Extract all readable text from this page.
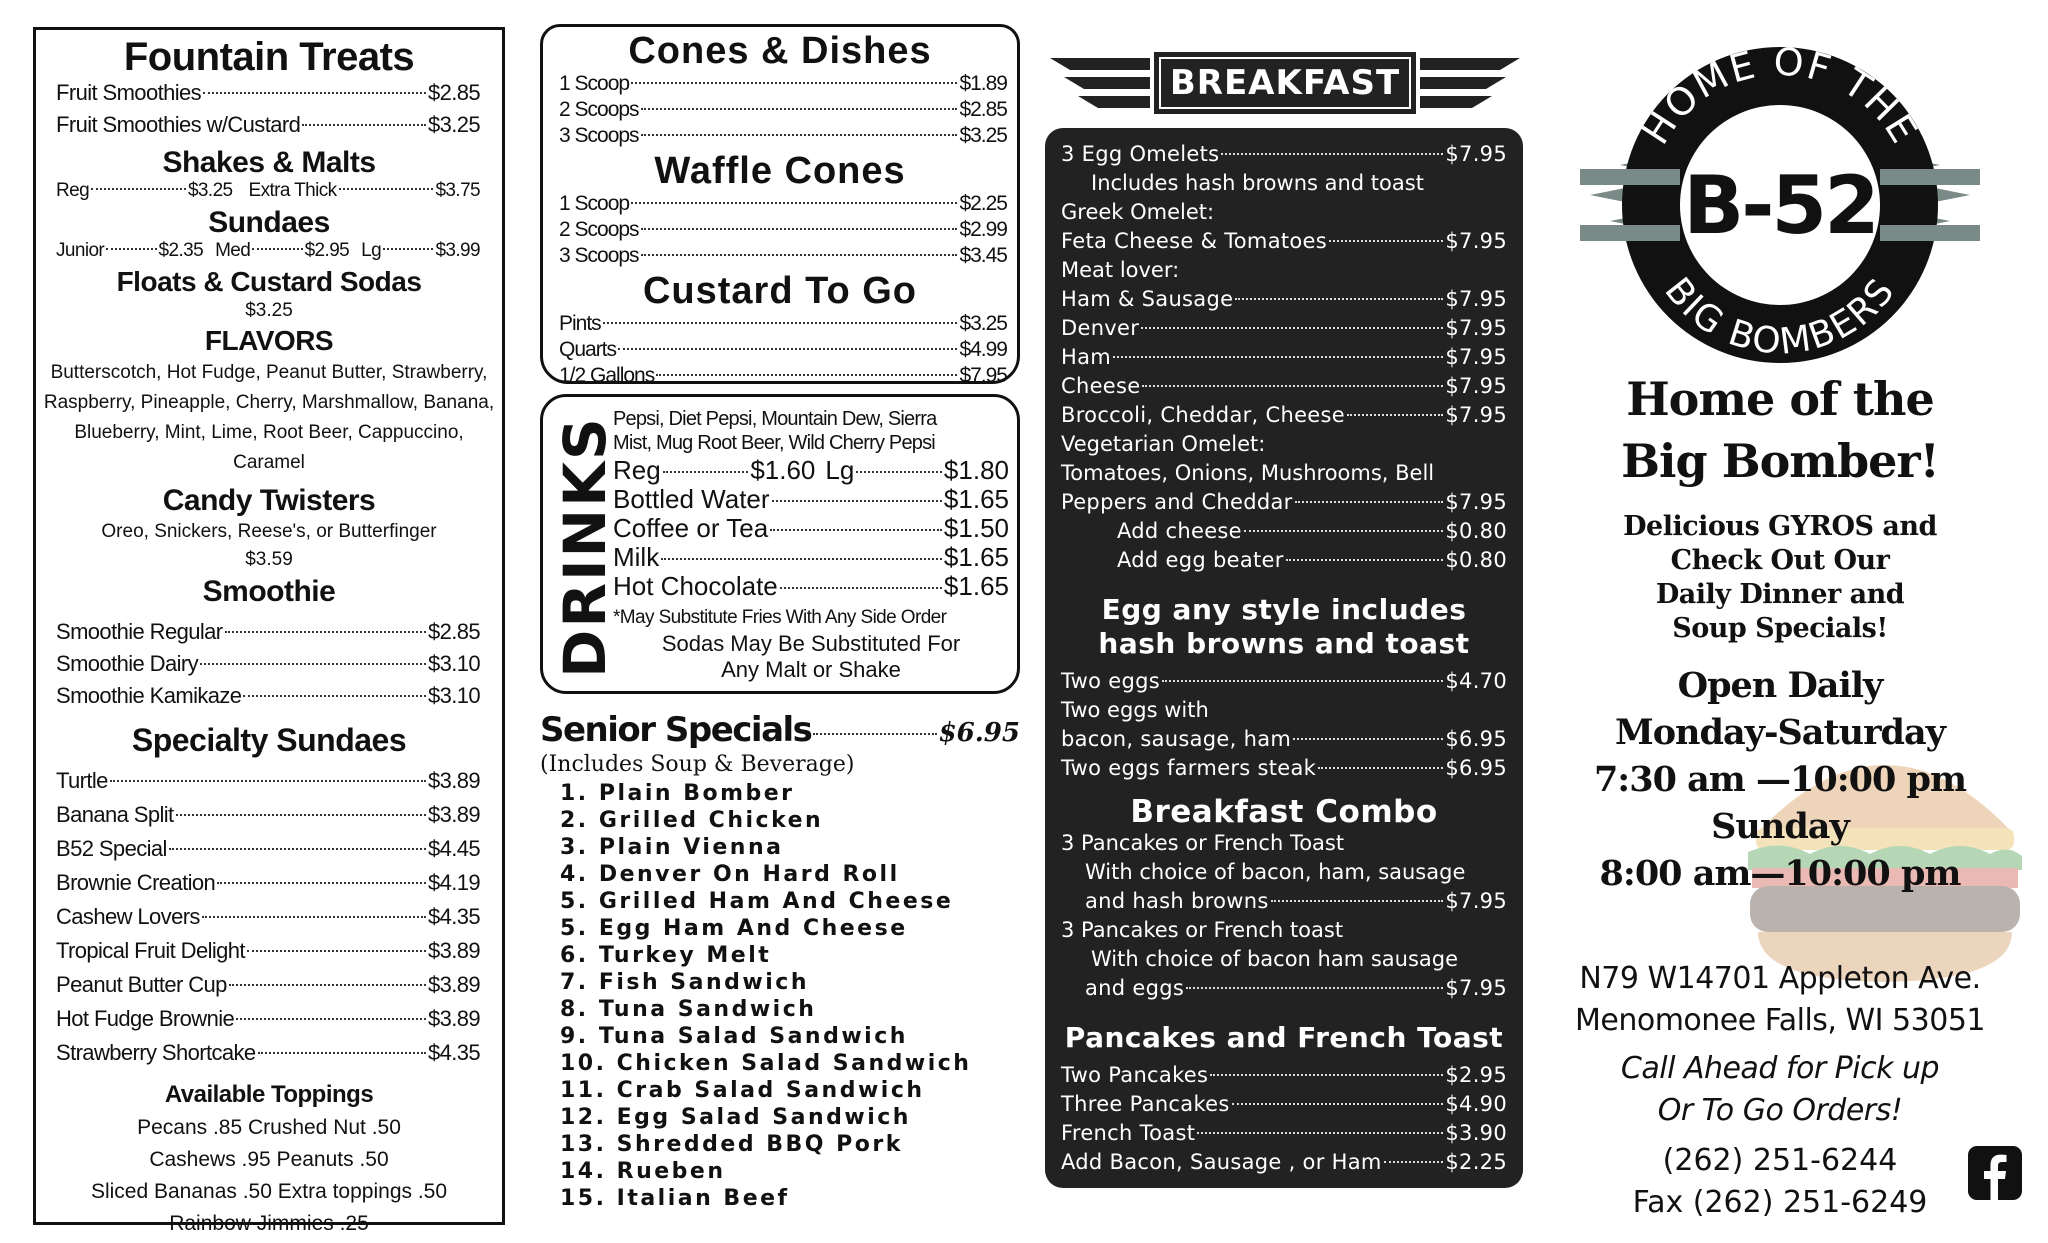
Fountain Treats
Fruit Smoothies	$2.85
Fruit Smoothies w/Custard	$3.25
Shakes & Malts
Reg	$3.25 Extra Thick	$3.75
Sundaes
Junior	$2.35 Med	$2.95 Lg	$3.99
Floats & Custard Sodas
$3.25
FLAVORS
Butterscotch, Hot Fudge, Peanut Butter, Strawberry,
Raspberry, Pineapple, Cherry, Marshmallow, Banana,
Blueberry, Mint, Lime, Root Beer, Cappuccino, Caramel
Candy Twisters
Oreo, Snickers, Reese's, or Butterfinger
$3.59
Smoothie
Smoothie Regular	$2.85
Smoothie Dairy	$3.10
Smoothie Kamikaze	$3.10
Specialty Sundaes
Turtle	$3.89
Banana Split	$3.89
B52 Special	$4.45
Brownie Creation	$4.19
Cashew Lovers	$4.35
Tropical Fruit Delight	$3.89
Peanut Butter Cup	$3.89
Hot Fudge Brownie	$3.89
Strawberry Shortcake	$4.35
Available Toppings
Pecans .85 Crushed Nut .50
Cashews .95 Peanuts .50
Sliced Bananas .50 Extra toppings .50
Rainbow Jimmies .25
Cones & Dishes
1 Scoop	$1.89
2 Scoops	$2.85
3 Scoops	$3.25
Waffle Cones
1 Scoop	$2.25
2 Scoops	$2.99
3 Scoops	$3.45
Custard To Go
Pints	$3.25
Quarts	$4.99
1/2 Gallons	$7.95
DRINKS
Pepsi, Diet Pepsi, Mountain Dew, Sierra
Mist, Mug Root Beer, Wild Cherry Pepsi
Reg	$1.60 Lg	$1.80
Bottled Water	$1.65
Coffee or Tea	$1.50
Milk	$1.65
Hot Chocolate	$1.65
*May Substitute Fries With Any Side Order
Sodas May Be Substituted For
Any Malt or Shake
Senior Specials	$6.95
(Includes Soup & Beverage)
1. Plain Bomber
2. Grilled Chicken
3. Plain Vienna
4. Denver On Hard Roll
5. Grilled Ham And Cheese
5. Egg Ham And Cheese
6. Turkey Melt
7. Fish Sandwich
8. Tuna Sandwich
9. Tuna Salad Sandwich
10. Chicken Salad Sandwich
11. Crab Salad Sandwich
12. Egg Salad Sandwich
13. Shredded BBQ Pork
14. Rueben
15. Italian Beef
BREAKFAST
3 Egg Omelets	$7.95
Includes hash browns and toast
Greek Omelet:
Feta Cheese & Tomatoes	$7.95
Meat lover:
Ham & Sausage	$7.95
Denver	$7.95
Ham	$7.95
Cheese	$7.95
Broccoli, Cheddar, Cheese	$7.95
Vegetarian Omelet:
Tomatoes, Onions, Mushrooms, Bell
Peppers and Cheddar	$7.95
Add cheese	$0.80
Add egg beater	$0.80
Egg any style includes
hash browns and toast
Two eggs	$4.70
Two eggs with
bacon, sausage, ham	$6.95
Two eggs farmers steak	$6.95
Breakfast Combo
3 Pancakes or French Toast
With choice of bacon, ham, sausage
and hash browns	$7.95
3 Pancakes or French toast
With choice of bacon ham sausage
and eggs	$7.95
Pancakes and French Toast
Two Pancakes	$2.95
Three Pancakes	$4.90
French Toast	$3.90
Add Bacon, Sausage , or Ham	$2.25
HOME OF THE
BIG BOMBERS
B-52
Home of the
Big Bomber!
Delicious GYROS and
Check Out Our
Daily Dinner and
Soup Specials!
Open Daily
Monday-Saturday
7:30 am —10:00 pm
Sunday
8:00 am—10:00 pm
N79 W14701 Appleton Ave.
Menomonee Falls, WI 53051
Call Ahead for Pick up
Or To Go Orders!
(262) 251-6244
Fax (262) 251-6249
